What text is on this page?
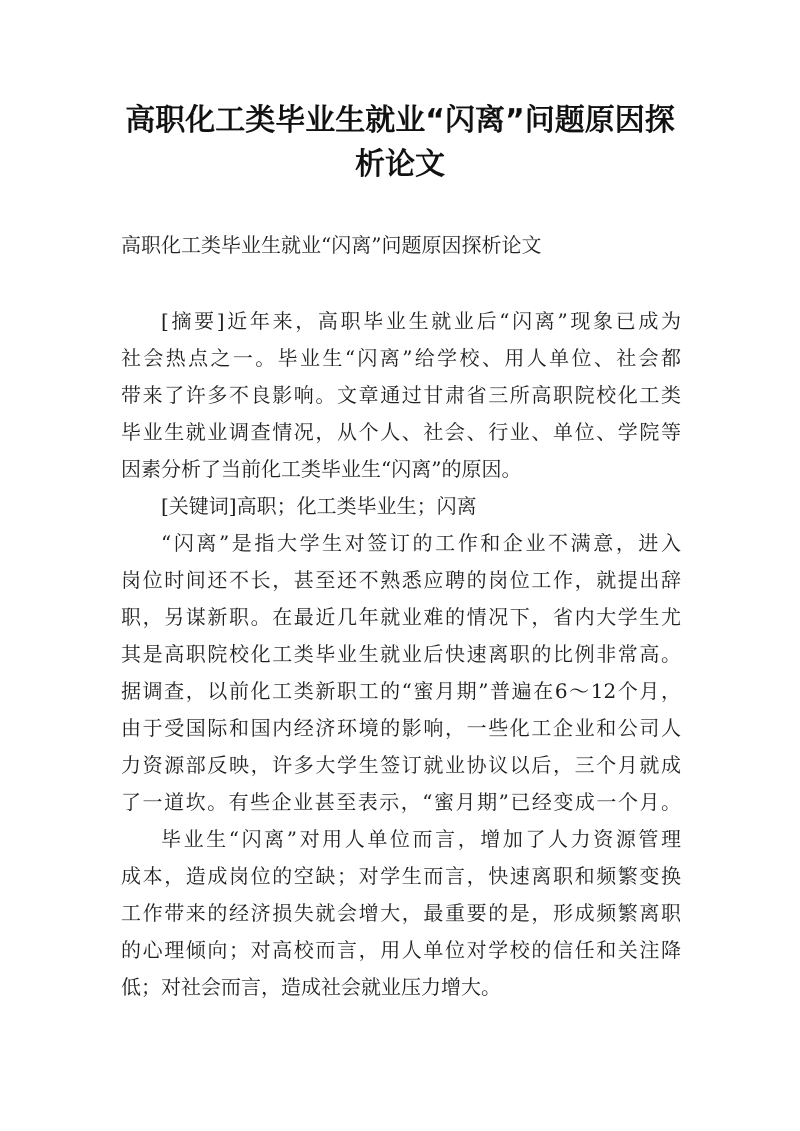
高职化工类毕业生就业“闪离”问题原因探
析论文
高职化工类毕业生就业“闪离”问题原因探析论文
[摘要]近年来，高职毕业生就业后“闪离”现象已成为
社会热点之一。毕业生“闪离”给学校、用人单位、社会都
带来了许多不良影响。文章通过甘肃省三所高职院校化工类
毕业生就业调查情况，从个人、社会、行业、单位、学院等
因素分析了当前化工类毕业生“闪离”的原因。
[关键词]高职；化工类毕业生；闪离
“闪离”是指大学生对签订的工作和企业不满意，进入
岗位时间还不长，甚至还不熟悉应聘的岗位工作，就提出辞
职，另谋新职。在最近几年就业难的情况下，省内大学生尤
其是高职院校化工类毕业生就业后快速离职的比例非常高。
据调查，以前化工类新职工的“蜜月期”普遍在6～12个月，
由于受国际和国内经济环境的影响，一些化工企业和公司人
力资源部反映，许多大学生签订就业协议以后，三个月就成
了一道坎。有些企业甚至表示，“蜜月期”已经变成一个月。
毕业生“闪离”对用人单位而言，增加了人力资源管理
成本，造成岗位的空缺；对学生而言，快速离职和频繁变换
工作带来的经济损失就会增大，最重要的是，形成频繁离职
的心理倾向；对高校而言，用人单位对学校的信任和关注降
低；对社会而言，造成社会就业压力增大。
